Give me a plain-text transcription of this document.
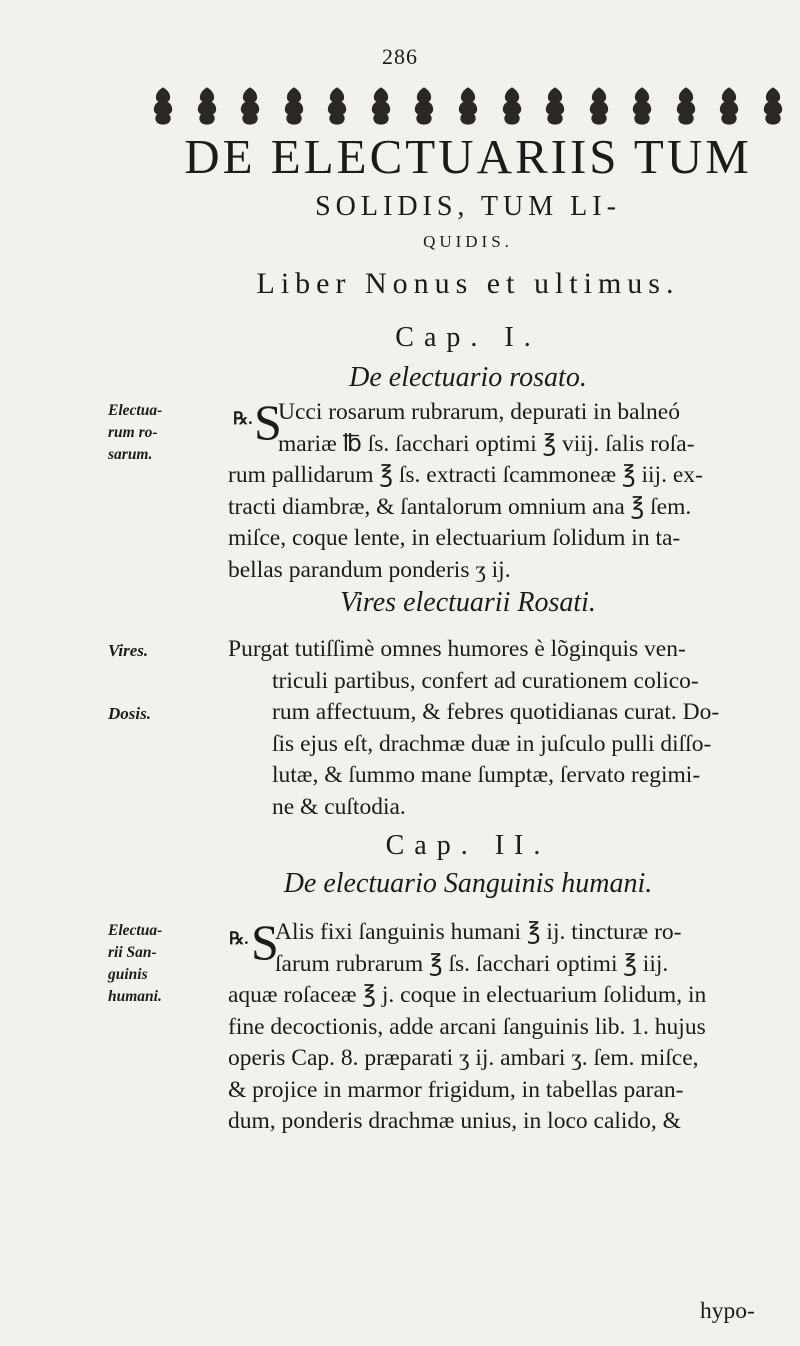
286
DE ELECTUARIIS TUM
SOLIDIS, TUM LI-
QUIDIS.
Liber Nonus et ultimus.
Cap. I.
De electuario rosato.
Electua-
rum ro-
sarum.
℞. S
Ucci rosarum rubrarum, depurati in balneó
mariæ ℔ ſs. ſacchari optimi ℥ viij. ſalis roſa-
rum pallidarum ℥ ſs. extracti ſcammoneæ ℥ iij. ex-
tracti diambræ, & ſantalorum omnium ana ℥ ſem.
miſce, coque lente, in electuarium ſolidum in ta-
bellas parandum ponderis ʒ ij.
Vires electuarii Rosati.
Vires.
Dosis.
Purgat tutiſſimè omnes humores è lõginquis ven-
triculi partibus, confert ad curationem colico-
rum affectuum, & febres quotidianas curat. Do-
ſis ejus eſt, drachmæ duæ in juſculo pulli diſſo-
lutæ, & ſummo mane ſumptæ, ſervato regimi-
ne & cuſtodia.
Cap. II.
De electuario Sanguinis humani.
Electua-
rii San-
guinis
humani.
℞. S
Alis fixi ſanguinis humani ℥ ij. tincturæ ro-
ſarum rubrarum ℥ ſs. ſacchari optimi ℥ iij.
aquæ roſaceæ ℥ j. coque in electuarium ſolidum, in
fine decoctionis, adde arcani ſanguinis lib. 1. hujus
operis Cap. 8. præparati ʒ ij. ambari ʒ. ſem. miſce,
& projice in marmor frigidum, in tabellas paran-
dum, ponderis drachmæ unius, in loco calido, &
hypo-
